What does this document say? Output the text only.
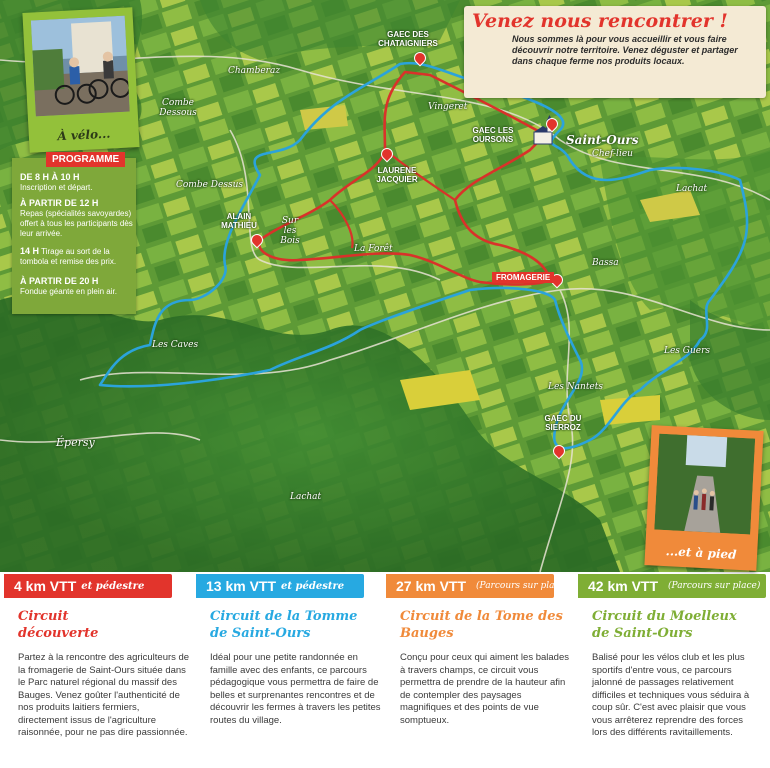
Chamberaz
Combe Dessous
Combe Dessus
Sur les Bois
La Forêt
Vingeret
Saint-Ours
Chef-lieu
Lachat
Bassa
Les Caves
Les Guers
Les Nantets
Épersy
Lachat
GAEC DES CHATAIGNIERS
GAEC LES OURSONS
LAURENE JACQUIER
ALAIN MATHIEU
FROMAGERIE
GAEC DU SIERROZ
Venez nous rencontrer !

Nous sommes là pour vous accueillir et vous faire découvrir notre territoire. Venez déguster et partager dans chaque ferme nos produits locaux.

À vélo...
PROGRAMME
DE 8 H À 10 H
Inscription et départ.
À PARTIR DE 12 H
Repas (spécialités savoyardes) offert à tous les participants dès leur arrivée.
14 H Tirage au sort de la tombola et remise des prix.
À PARTIR DE 20 H
Fondue géante en plein air.
...et à pied
4 km VTT et pédestre
Circuit découverte

Partez à la rencontre des agriculteurs de la fromagerie de Saint-Ours située dans le Parc naturel régional du massif des Bauges. Venez goûter l'authenticité de nos produits laitiers fermiers, directement issus de l'agriculture raisonnée, pour ne pas dire passionnée.

13 km VTT et pédestre
Circuit de la Tomme de Saint-Ours

Idéal pour une petite randonnée en famille avec des enfants, ce parcours pédagogique vous permettra de faire de belles et surprenantes rencontres et de découvrir les fermes à travers les petites routes du village.

27 km VTT (Parcours sur place)
Circuit de la Tome des Bauges

Conçu pour ceux qui aiment les balades à travers champs, ce circuit vous permettra de prendre de la hauteur afin de contempler des paysages magnifiques et des points de vue somptueux.

42 km VTT (Parcours sur place)
Circuit du Moelleux de Saint-Ours

Balisé pour les vélos club et les plus sportifs d'entre vous, ce parcours jalonné de passages relativement difficiles et techniques vous séduira à coup sûr. C'est avec plaisir que vous vous arrêterez reprendre des forces lors des différents ravitaillements.
